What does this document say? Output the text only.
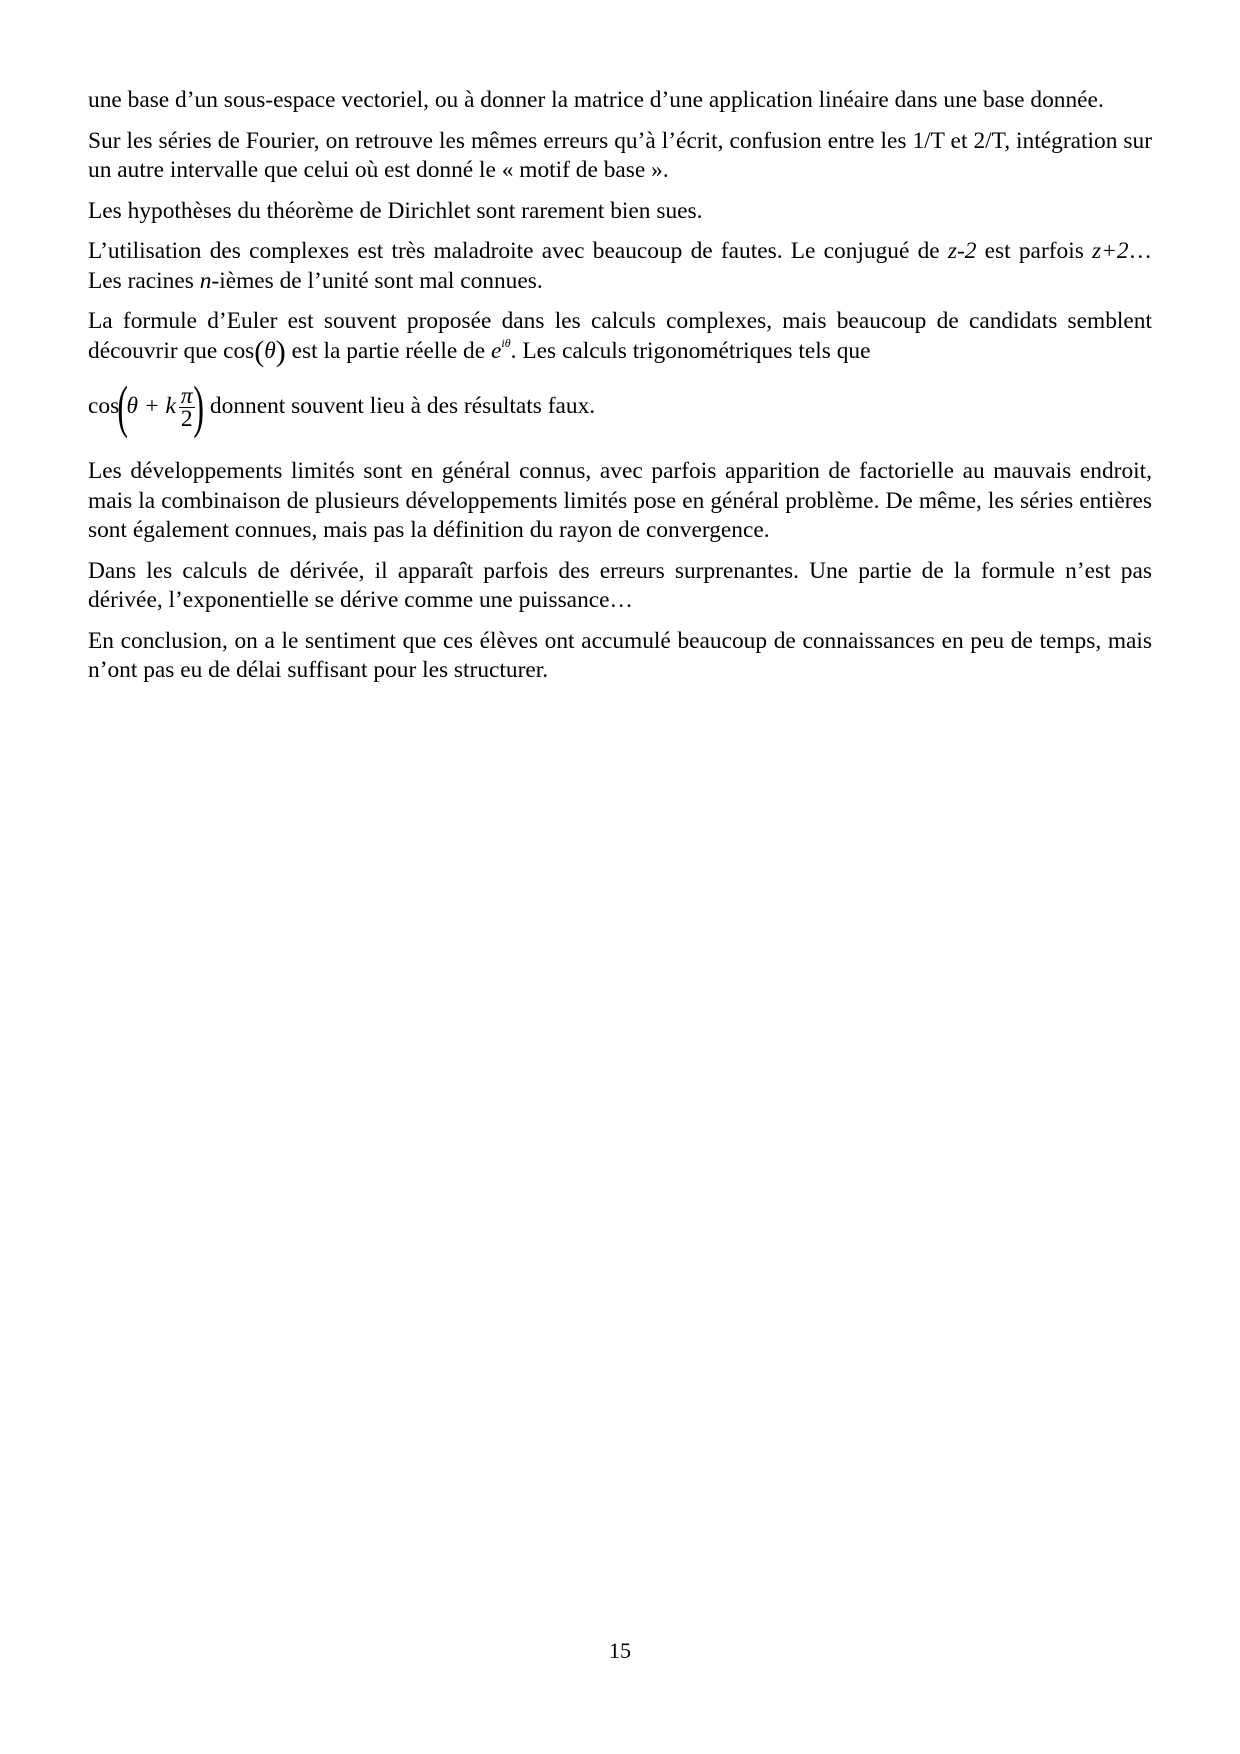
une base d’un sous-espace vectoriel, ou à donner la matrice d’une application linéaire dans une base donnée.

Sur les séries de Fourier, on retrouve les mêmes erreurs qu’à l’écrit, confusion entre les 1/T et 2/T, intégration sur un autre intervalle que celui où est donné le « motif de base ».

Les hypothèses du théorème de Dirichlet sont rarement bien sues.

L’utilisation des complexes est très maladroite avec beaucoup de fautes. Le conjugué de z-2 est parfois z+2… Les racines n-ièmes de l’unité sont mal connues.

La formule d’Euler est souvent proposée dans les calculs complexes, mais beaucoup de candidats semblent découvrir que cos(θ) est la partie réelle de $e^{i\theta}$. Les calculs trigonométriques tels que

cos
(
θ + k $\frac{\pi}{2}$
) donnent souvent lieu à des résultats faux.

Les développements limités sont en général connus, avec parfois apparition de factorielle au mauvais endroit, mais la combinaison de plusieurs développements limités pose en général problème. De même, les séries entières sont également connues, mais pas la définition du rayon de convergence.

Dans les calculs de dérivée, il apparaît parfois des erreurs surprenantes. Une partie de la formule n’est pas dérivée, l’exponentielle se dérive comme une puissance…

En conclusion, on a le sentiment que ces élèves ont accumulé beaucoup de connaissances en peu de temps, mais n’ont pas eu de délai suffisant pour les structurer.

15
